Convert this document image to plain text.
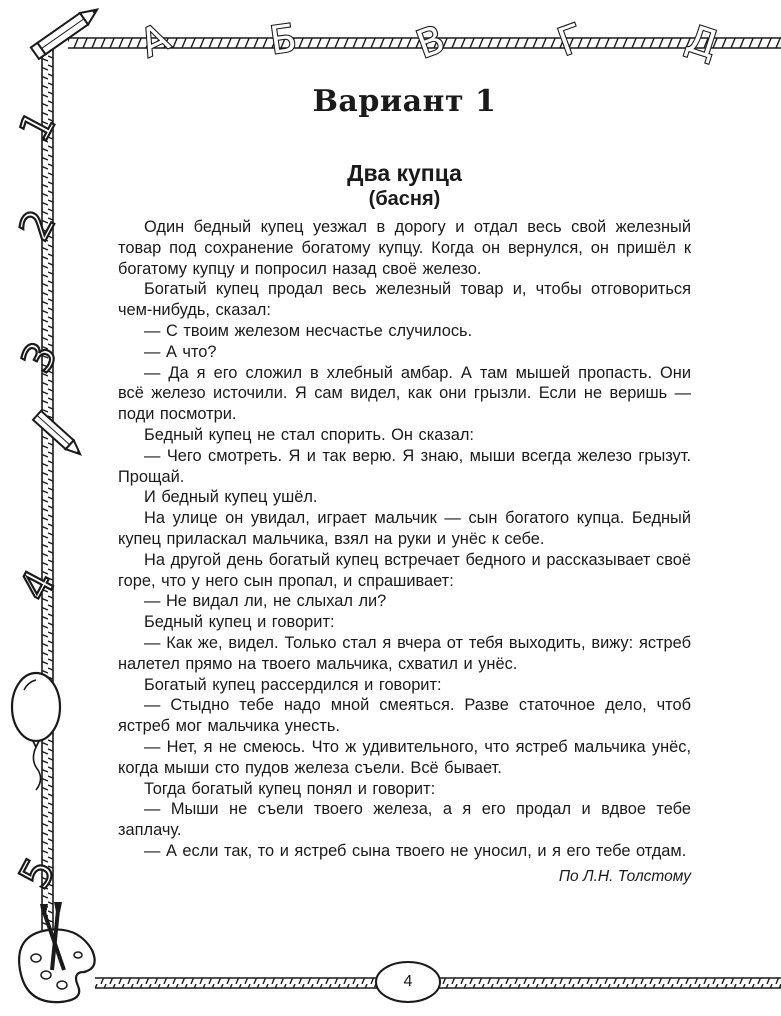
А Б	В	Г Д
1
2
3
4
5
4
Вариант 1
Два купца
(басня)

Один бедный купец уезжал в дорогу и отдал весь свой железный товар под сохранение богатому купцу. Когда он вернулся, он пришёл к богатому купцу и попросил назад своё железо.

Богатый купец продал весь железный товар и, чтобы отговориться чем-нибудь, сказал:

— С твоим железом несчастье случилось.

— А что?

— Да я его сложил в хлебный амбар. А там мышей пропасть. Они всё железо источили. Я сам видел, как они грызли. Если не веришь — поди посмотри.

Бедный купец не стал спорить. Он сказал:

— Чего смотреть. Я и так верю. Я знаю, мыши всегда железо грызут. Прощай.

И бедный купец ушёл.

На улице он увидал, играет мальчик — сын богатого купца. Бедный купец приласкал мальчика, взял на руки и унёс к себе.

На другой день богатый купец встречает бедного и рассказывает своё горе, что у него сын пропал, и спрашивает:

— Не видал ли, не слыхал ли?

Бедный купец и говорит:

— Как же, видел. Только стал я вчера от тебя выходить, вижу: ястреб налетел прямо на твоего мальчика, схватил и унёс.

Богатый купец рассердился и говорит:

— Стыдно тебе надо мной смеяться. Разве статочное дело, чтоб ястреб мог мальчика унесть.

— Нет, я не смеюсь. Что ж удивительного, что ястреб мальчика унёс, когда мыши сто пудов железа съели. Всё бывает.

Тогда богатый купец понял и говорит:

— Мыши не съели твоего железа, а я его продал и вдвое тебе заплачу.

— А если так, то и ястреб сына твоего не уносил, и я его тебе отдам.

По Л.Н. Толстому
